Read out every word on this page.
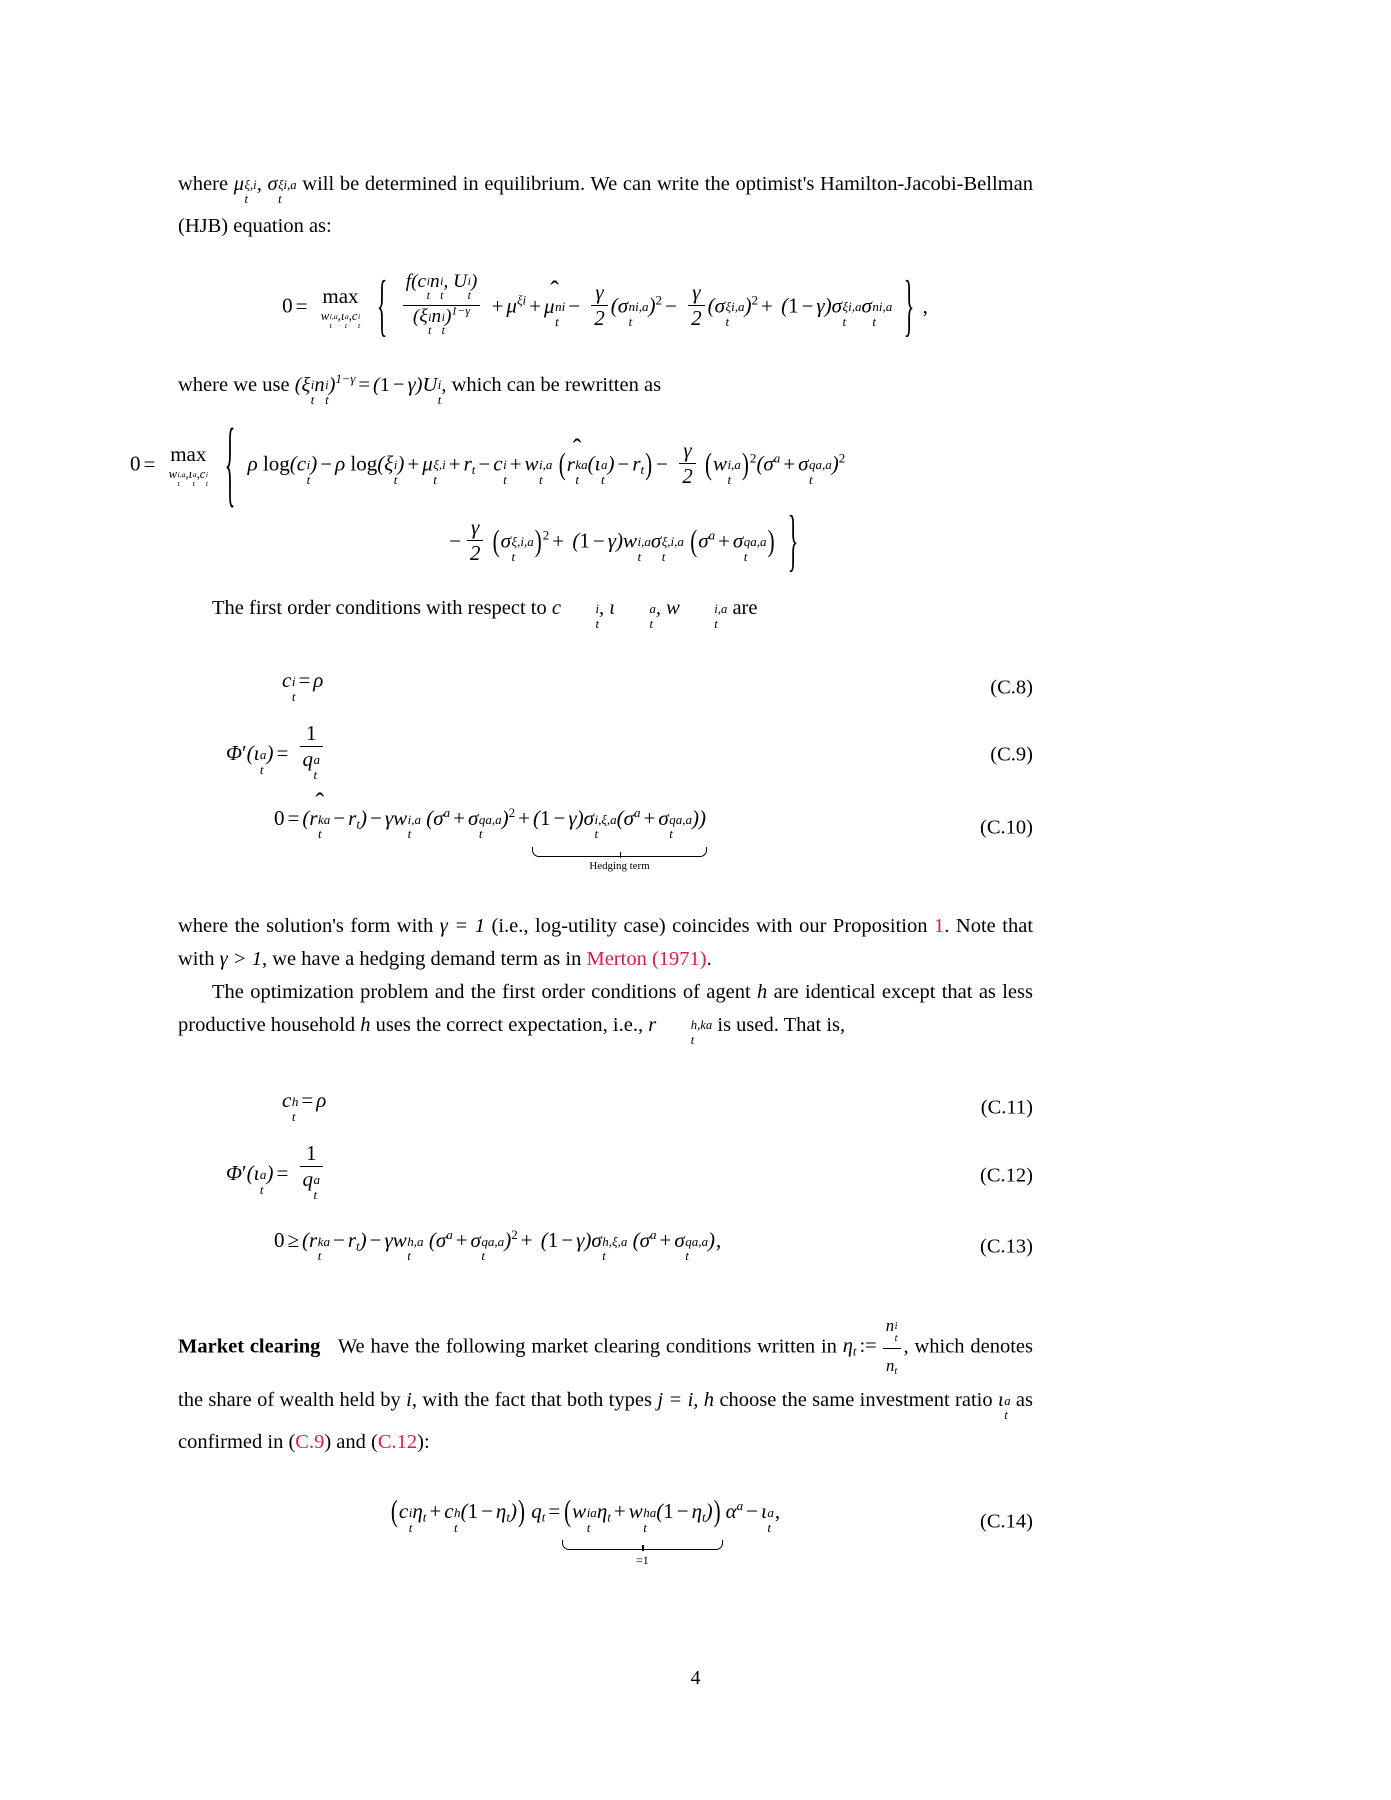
where μ ξ,i
t
, σ ξi,a
t
will be determined in equilibrium. We can write the optimist's Hamilton-Jacobi-Bellman (HJB) equation as:

0 = max
w i,a
t
,ι a
t
,c i
t { f(c i
t
n i
t
, U i
t
)
(ξ i
t
n i
t
)$^{1-\gamma} + \mu^{\xi i} + \mu$ ni
t
− $\frac{\gamma}{2} (\sigma$ ni,a
t
)$^2 - \frac{\gamma}{2} (\sigma$ ξi,a
t
)$^2$ + (1 − γ)σ ξi,a
t
σ ni,a
t	} ,

where we use (ξ i
t
n i
t
)$^{1-\gamma}$ = (1 − γ)U i
t
, which can be rewritten as

0 = max
w i,a
t
,ι a
t
,c i
t { ρ log(c i
t
) − ρ log(ξ i
t
) + μ ξ,i
t
+ $r_t - c$ i
t
+ w i,a
t (
r ka
t
(ι a
t
) − $r_t) - \frac{\gamma}{2} (w$ i,a
t )$^2(\sigma^a + \sigma$ qa,a
t
)$^2$
− $\frac{\gamma}{2} (\sigma$ ξ,i,a
t )$^2$ + (1 − γ)w i,a
t
σ ξ,i,a
t	($\sigma^a + \sigma$ qa,a
t ) }

The first order conditions with respect to c	i
t
, ι	a
t
, w	i,a
t
are

c i
t
= ρ	(C.8)
Φ′(ι a
t
) = 1
q a
t	(C.9)
0 = (
r ka
t
− $r_t) - \gamma w$ i,a
t
($\sigma^a + \sigma$ qa,a
t
)$^2$ + (1 − γ)σ i,ξ,a
t
($\sigma^a + \sigma$ qa,a
t
))
Hedging term
(C.10)

where the solution's form with γ = 1 (i.e., log-utility case) coincides with our Proposition 1. Note that with γ > 1, we have a hedging demand term as in Merton (1971).

The optimization problem and the first order conditions of agent h are identical except that as less productive household h uses the correct expectation, i.e., r	h,ka
t
is used. That is,

c h
t
= ρ	(C.11)
Φ′(ι a
t
) = 1
q a
t	(C.12)
0 ≥ (r ka
t
− $r_t) - \gamma w$ h,a
t
($\sigma^a + \sigma$ qa,a
t
)$^2$ + (1 − γ)σ h,ξ,a
t
($\sigma^a + \sigma$ qa,a
t
),	(C.13)

Market clearing We have the following market clearing conditions written in $\eta_t$ := n i
t
$n_t$ , which denotes the share of wealth held by i, with the fact that both types j = i, h choose the same investment ratio ι a
t
as confirmed in (C.9) and (C.12):

(c i
t
$\eta_t + c$ h
t
$(1 - \eta_t)$) $q_t = (w$ ia
t
$\eta_t + w$ ha
t
$(1 - \eta_t)$)
=1
$\alpha^a - \iota$ a
t
,	(C.14)
4
